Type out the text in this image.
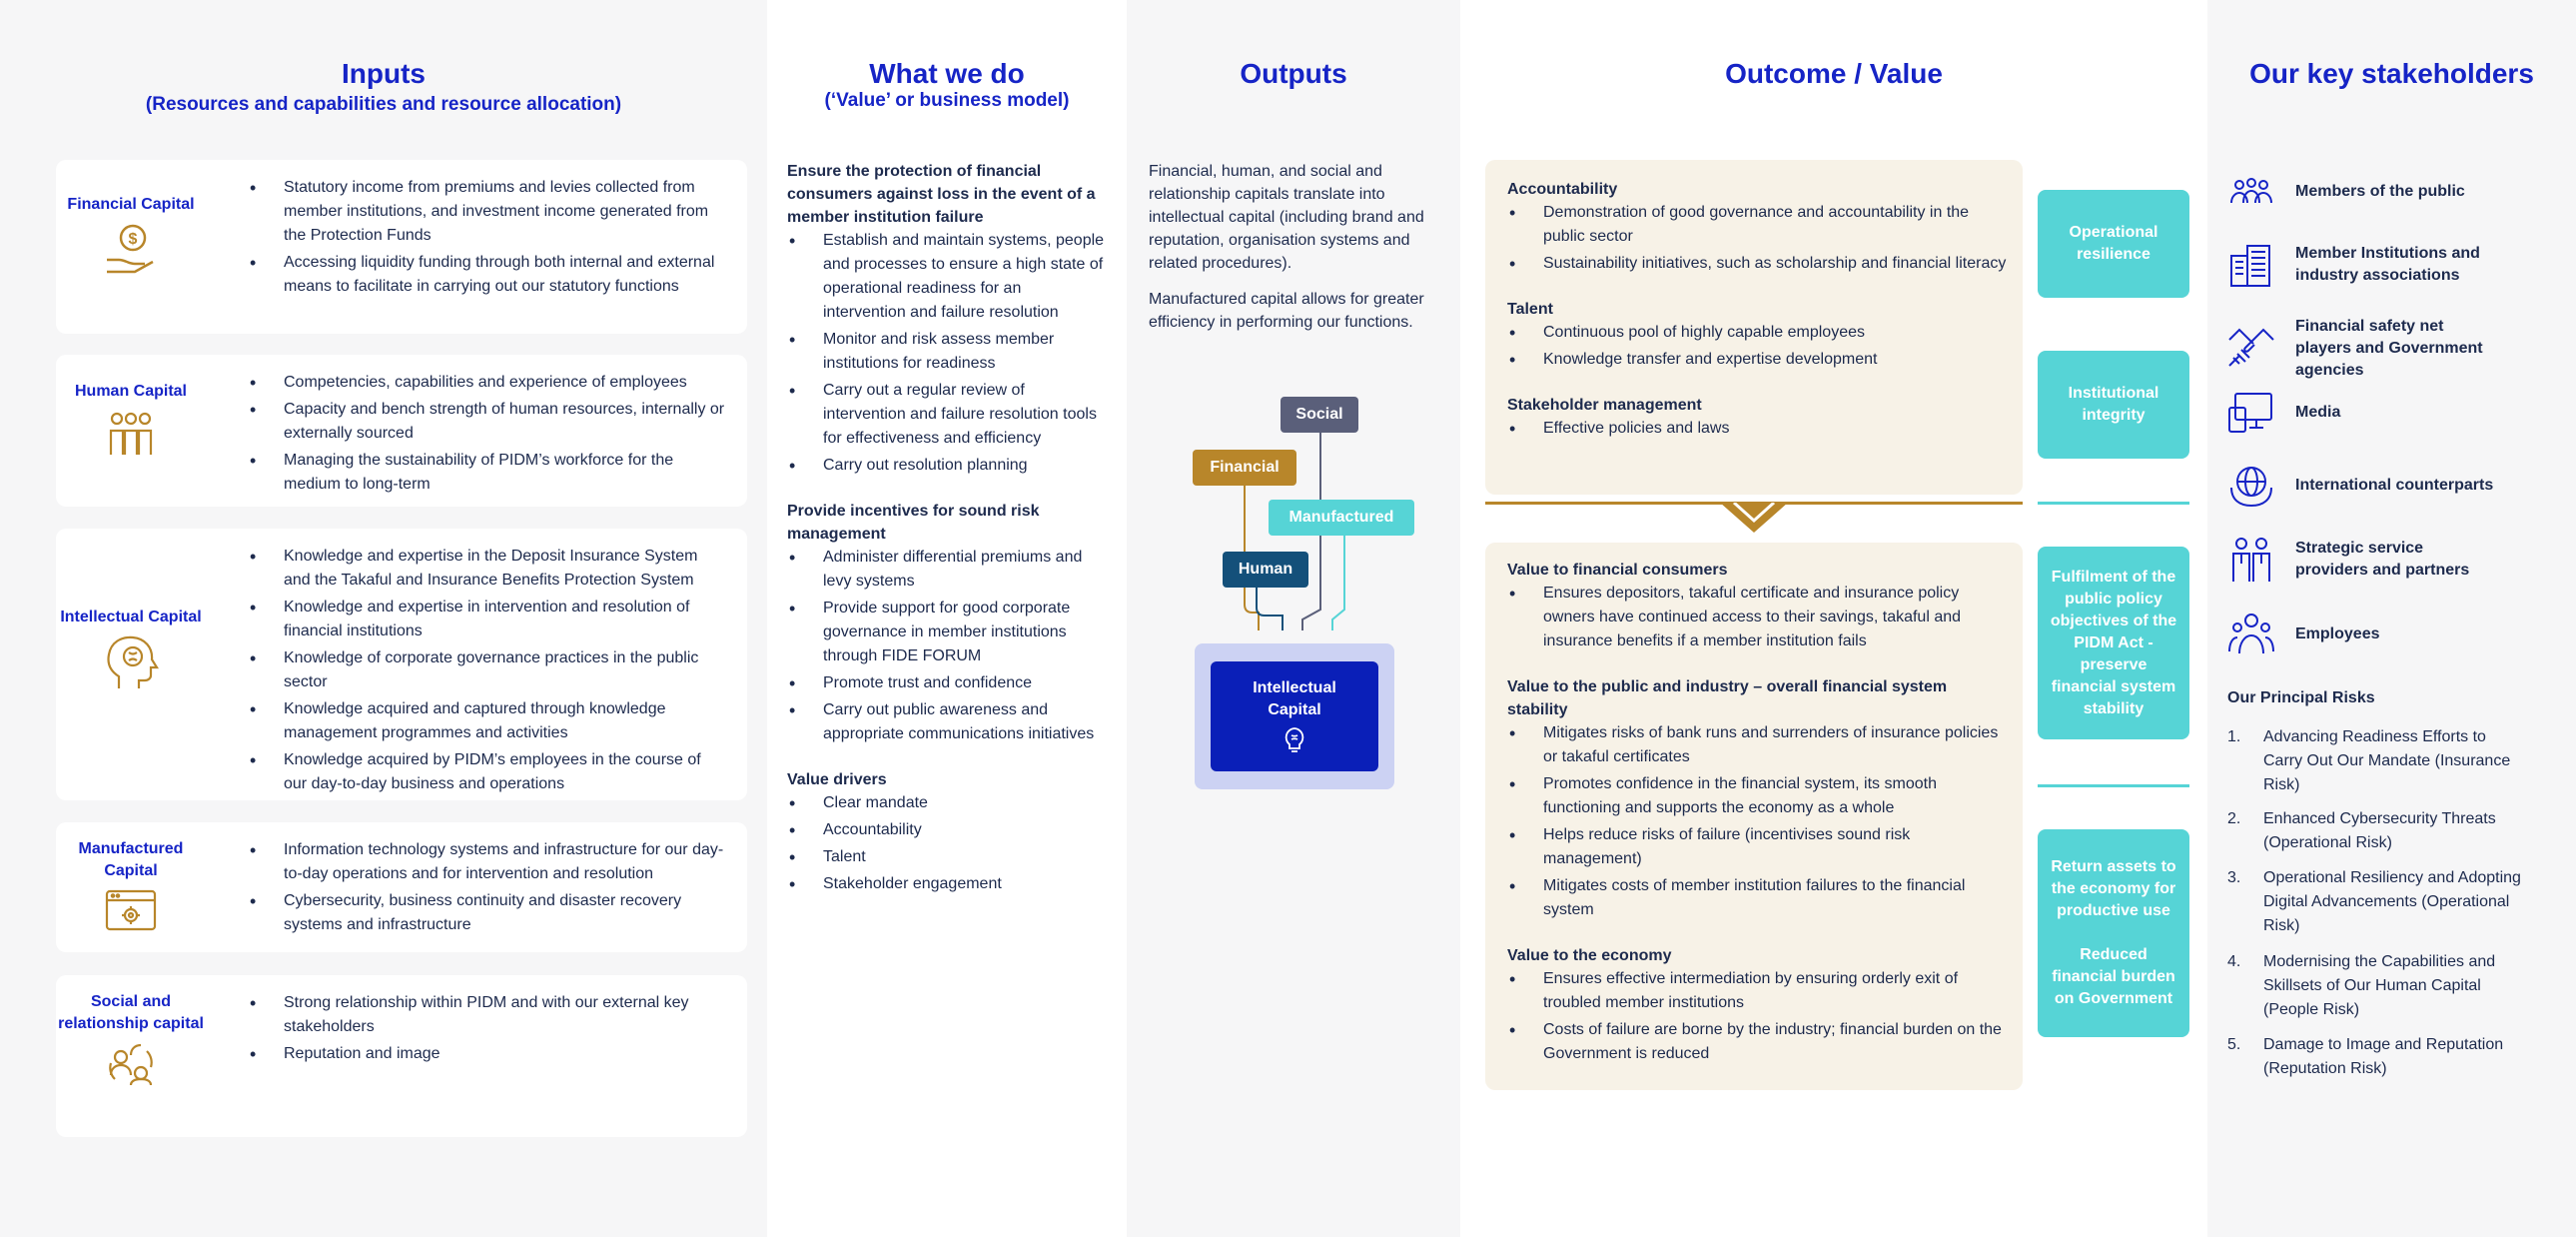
Inputs
(Resources and capabilities and resource allocation)
Financial Capital
$
• Statutory income from premiums and levies collected from member institutions, and investment income generated from the Protection Funds
• Accessing liquidity funding through both internal and external means to facilitate in carrying out our statutory functions
Human Capital
• Competencies, capabilities and experience of employees
• Capacity and bench strength of human resources, internally or externally sourced
• Managing the sustainability of PIDM’s workforce for the medium to long-term
Intellectual Capital
• Knowledge and expertise in the Deposit Insurance System and the Takaful and Insurance Benefits Protection System
• Knowledge and expertise in intervention and resolution of financial institutions
• Knowledge of corporate governance practices in the public sector
• Knowledge acquired and captured through knowledge management programmes and activities
• Knowledge acquired by PIDM’s employees in the course of our day-to-day business and operations
Manufactured Capital
• Information technology systems and infrastructure for our day-to-day operations and for intervention and resolution
• Cybersecurity, business continuity and disaster recovery systems and infrastructure
Social and relationship capital
• Strong relationship within PIDM and with our external key stakeholders
• Reputation and image
What we do
(‘Value’ or business model)
Ensure the protection of financial consumers against loss in the event of a member institution failure
• Establish and maintain systems, people and processes to ensure a high state of operational readiness for an intervention and failure resolution
• Monitor and risk assess member institutions for readiness
• Carry out a regular review of intervention and failure resolution tools for effectiveness and efficiency
• Carry out resolution planning
Provide incentives for sound risk management
• Administer differential premiums and levy systems
• Provide support for good corporate governance in member institutions through FIDE FORUM
• Promote trust and confidence
• Carry out public awareness and appropriate communications initiatives
Value drivers
• Clear mandate
• Accountability
• Talent
• Stakeholder engagement
Outputs
Financial, human, and social and relationship capitals translate into intellectual capital (including brand and reputation, organisation systems and related procedures).
Manufactured capital allows for greater efficiency in performing our functions.
Social
Financial
Manufactured
Human
Intellectual Capital
Outcome / Value
Accountability
• Demonstration of good governance and accountability in the public sector
• Sustainability initiatives, such as scholarship and financial literacy
Talent
• Continuous pool of highly capable employees
• Knowledge transfer and expertise development
Stakeholder management
• Effective policies and laws
Value to financial consumers
• Ensures depositors, takaful certificate and insurance policy owners have continued access to their savings, takaful and insurance benefits if a member institution fails
Value to the public and industry – overall financial system stability
• Mitigates risks of bank runs and surrenders of insurance policies or takaful certificates
• Promotes confidence in the financial system, its smooth functioning and supports the economy as a whole
• Helps reduce risks of failure (incentivises sound risk management)
• Mitigates costs of member institution failures to the financial system
Value to the economy
• Ensures effective intermediation by ensuring orderly exit of troubled member institutions
• Costs of failure are borne by the industry; financial burden on the Government is reduced
Operational resilience
Institutional integrity
Fulfilment of the public policy objectives of the PIDM Act - preserve financial system stability
Return assets to the economy for productive use
Reduced financial burden on Government
Our key stakeholders
Members of the public
Member Institutions and industry associations
Financial safety net players and Government agencies
Media
International counterparts
Strategic service providers and partners
Employees
Our Principal Risks
1.	Advancing Readiness Efforts to Carry Out Our Mandate (Insurance Risk)
2.	Enhanced Cybersecurity Threats (Operational Risk)
3.	Operational Resiliency and Adopting Digital Advancements (Operational Risk)
4.	Modernising the Capabilities and Skillsets of Our Human Capital (People Risk)
5.	Damage to Image and Reputation (Reputation Risk)
